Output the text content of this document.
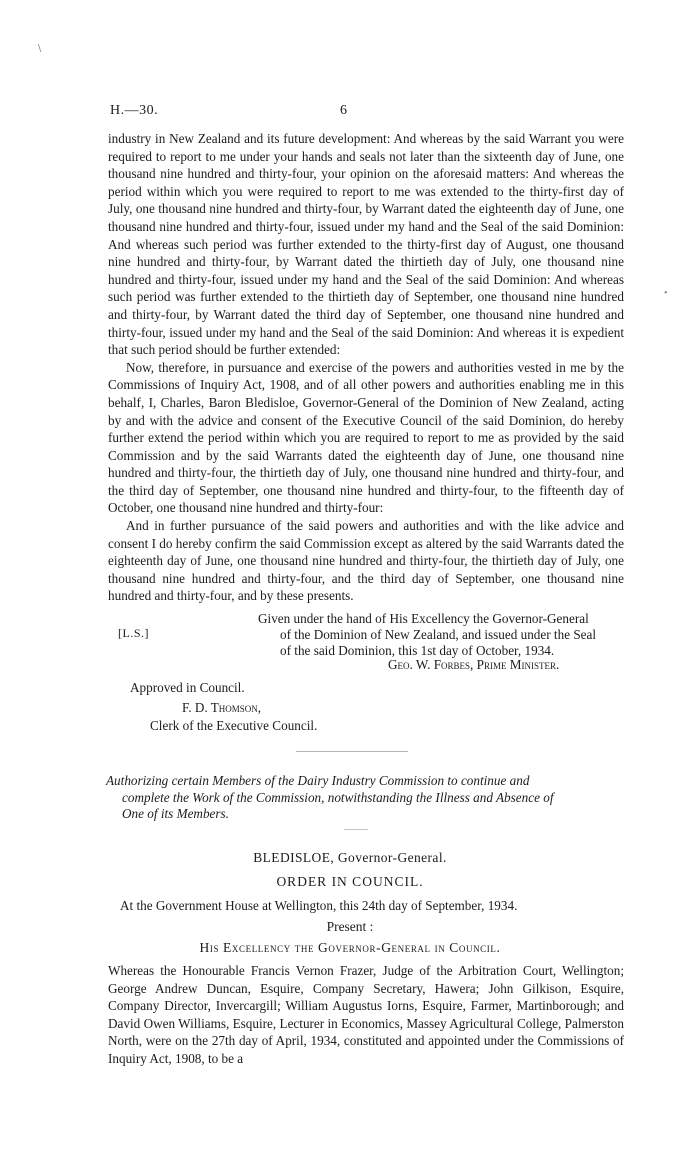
∖
•
H.—30.	6

industry in New Zealand and its future development: And whereas by the said Warrant you were required to report to me under your hands and seals not later than the sixteenth day of June, one thousand nine hundred and thirty-four, your opinion on the aforesaid matters: And whereas the period within which you were required to report to me was extended to the thirty-first day of July, one thousand nine hundred and thirty-four, by Warrant dated the eighteenth day of June, one thousand nine hundred and thirty-four, issued under my hand and the Seal of the said Dominion: And whereas such period was further extended to the thirty-first day of August, one thousand nine hundred and thirty-four, by Warrant dated the thirtieth day of July, one thousand nine hundred and thirty-four, issued under my hand and the Seal of the said Dominion: And whereas such period was further extended to the thirtieth day of September, one thousand nine hundred and thirty-four, by Warrant dated the third day of September, one thousand nine hundred and thirty-four, issued under my hand and the Seal of the said Dominion: And whereas it is expedient that such period should be further extended:

Now, therefore, in pursuance and exercise of the powers and authorities vested in me by the Commissions of Inquiry Act, 1908, and of all other powers and authorities enabling me in this behalf, I, Charles, Baron Bledisloe, Governor-General of the Dominion of New Zealand, acting by and with the advice and consent of the Executive Council of the said Dominion, do hereby further extend the period within which you are required to report to me as provided by the said Commission and by the said Warrants dated the eighteenth day of June, one thousand nine hundred and thirty-four, the thirtieth day of July, one thousand nine hundred and thirty-four, and the third day of September, one thousand nine hundred and thirty-four, to the fifteenth day of October, one thousand nine hundred and thirty-four:

And in further pursuance of the said powers and authorities and with the like advice and consent I do hereby confirm the said Commission except as altered by the said Warrants dated the eighteenth day of June, one thousand nine hundred and thirty-four, the thirtieth day of July, one thousand nine hundred and thirty-four, and the third day of September, one thousand nine hundred and thirty-four, and by these presents.

Given under the hand of His Excellency the Governor-General
of the Dominion of New Zealand, and issued under the Seal
of the said Dominion, this 1st day of October, 1934.
[L.S.]
Geo. W. Forbes, Prime Minister.
Approved in Council.
F. D. Thomson,
Clerk of the Executive Council.
Authorizing certain Members of the Dairy Industry Commission to continue and
complete the Work of the Commission, notwithstanding the Illness and Absence of
One of its Members.
BLEDISLOE, Governor-General.
ORDER IN COUNCIL.
At the Government House at Wellington, this 24th day of September, 1934.
Present :
His Excellency the Governor-General in Council.

Whereas the Honourable Francis Vernon Frazer, Judge of the Arbitration Court, Wellington; George Andrew Duncan, Esquire, Company Secretary, Hawera; John Gilkison, Esquire, Company Director, Invercargill; William Augustus Iorns, Esquire, Farmer, Martinborough; and David Owen Williams, Esquire, Lecturer in Economics, Massey Agricultural College, Palmerston North, were on the 27th day of April, 1934, constituted and appointed under the Commissions of Inquiry Act, 1908, to be a
